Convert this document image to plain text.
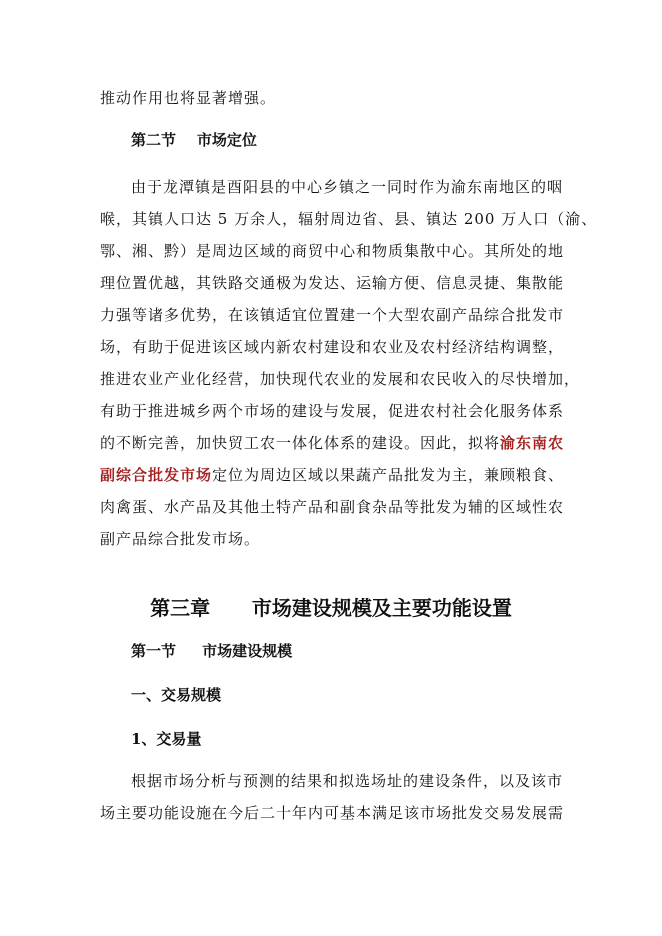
推动作用也将显著增强。
第二节 市场定位
由于龙潭镇是酉阳县的中心乡镇之一同时作为渝东南地区的咽
喉，其镇人口达 5 万余人，辐射周边省、县、镇达 200 万人口（渝、
鄂、湘、黔）是周边区域的商贸中心和物质集散中心。其所处的地
理位置优越，其铁路交通极为发达、运输方便、信息灵捷、集散能
力强等诸多优势，在该镇适宜位置建一个大型农副产品综合批发市
场，有助于促进该区域内新农村建设和农业及农村经济结构调整，
推进农业产业化经营，加快现代农业的发展和农民收入的尽快增加，
有助于推进城乡两个市场的建设与发展，促进农村社会化服务体系
的不断完善，加快贸工农一体化体系的建设。因此，拟将渝东南农
副综合批发市场定位为周边区域以果蔬产品批发为主，兼顾粮食、
肉禽蛋、水产品及其他土特产品和副食杂品等批发为辅的区域性农
副产品综合批发市场。
第三章 市场建设规模及主要功能设置
第一节 市场建设规模
一、交易规模
1、交易量
根据市场分析与预测的结果和拟选场址的建设条件，以及该市
场主要功能设施在今后二十年内可基本满足该市场批发交易发展需
